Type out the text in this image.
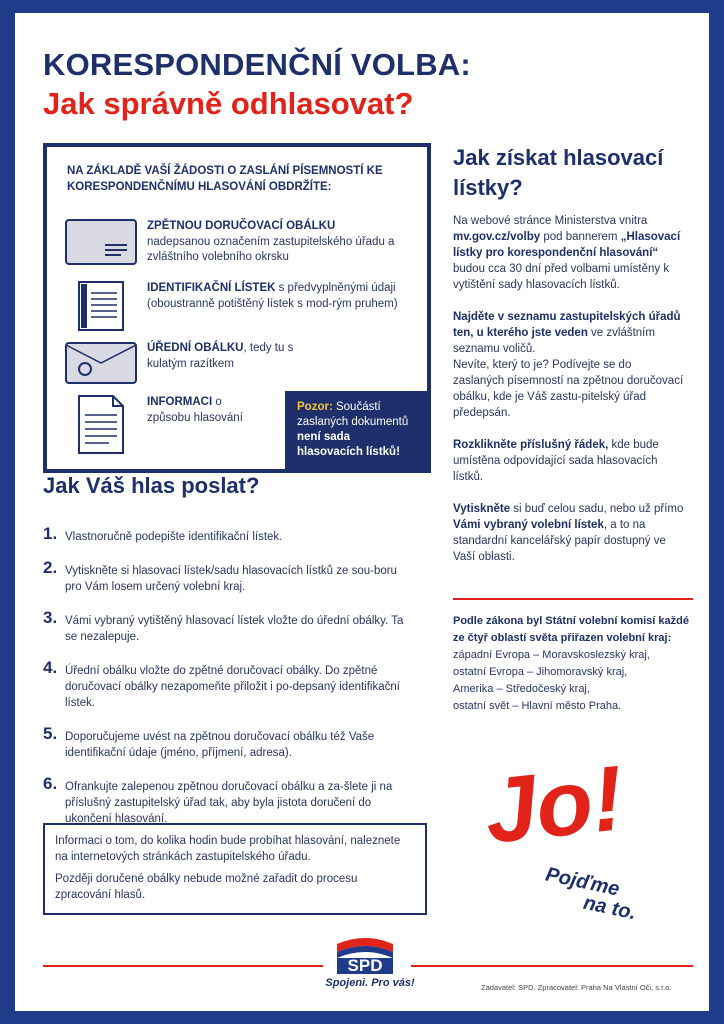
KORESPONDENČNÍ VOLBA:
Jak správně odhlasovat?
NA ZÁKLADĚ VAŠÍ ŽÁDOSTI O ZASLÁNÍ PÍSEMNOSTÍ KE KORESPONDENČNÍMU HLASOVÁNÍ OBDRŽÍTE:
ZPĚTNOU DORUČOVACÍ OBÁLKU
nadepsanou označením zastupitelského úřadu a zvláštního volebního okrsku
IDENTIFIKAČNÍ LÍSTEK s předvyplněnými údaji (oboustranně potištěný lístek s mod-rým pruhem)
ÚŘEDNÍ OBÁLKU, tedy tu s kulatým razítkem
INFORMACI o způsobu hlasování
Pozor: Součástí zaslaných dokumentů není sada hlasovacích lístků!
Jak Váš hlas poslat?
1. Vlastnoručně podepište identifikační lístek.
2. Vytiskněte si hlasovací lístek/sadu hlasovacích lístků ze sou-boru pro Vám losem určený volební kraj.
3. Vámi vybraný vytištěný hlasovací lístek vložte do úřední obálky. Ta se nezalepuje.
4. Úřední obálku vložte do zpětné doručovací obálky. Do zpětné doručovací obálky nezapomeňte přiložit i po-depsaný identifikační lístek.
5. Doporučujeme uvést na zpětnou doručovací obálku též Vaše identifikační údaje (jméno, příjmení, adresa).
6. Ofrankujte zalepenou zpětnou doručovací obálku a za-šlete ji na příslušný zastupitelský úřad tak, aby byla jistota doručení do ukončení hlasování.
Informaci o tom, do kolika hodin bude probíhat hlasování, naleznete na internetových stránkách zastupitelského úřadu.
Později doručené obálky nebude možné zařadit do procesu zpracování hlasů.
Jak získat hlasovací lístky?

Na webové stránce Ministerstva vnitra mv.gov.cz/volby pod bannerem „Hlasovací lístky pro korespondenční hlasování“ budou cca 30 dní před volbami umístěny k vytištění sady hlasovacích lístků.

Najděte v seznamu zastupitelských úřadů ten, u kterého jste veden ve zvláštním seznamu voličů.
Nevíte, který to je? Podívejte se do zaslaných písemností na zpětnou doručovací obálku, kde je Váš zastu-pitelský úřad předepsán.

Rozklikněte příslušný řádek, kde bude umístěna odpovídající sada hlasovacích lístků.

Vytiskněte si buď celou sadu, nebo už přímo Vámi vybraný volební lístek, a to na standardní kancelářský papír dostupný ve Vaší oblasti.

Podle zákona byl Státní volební komisí každé ze čtyř oblastí světa přiřazen volební kraj:
západní Evropa – Moravskoslezský kraj,
ostatní Evropa – Jihomoravský kraj,
Amerika – Středočeský kraj,
ostatní svět – Hlavní město Praha.
Jo!
Pojďme
na to.
SPD
Spojeni. Pro vás!	Zadavatel: SPD. Zpracovatel: Praha Na Vlastní Oči, s.r.o.
